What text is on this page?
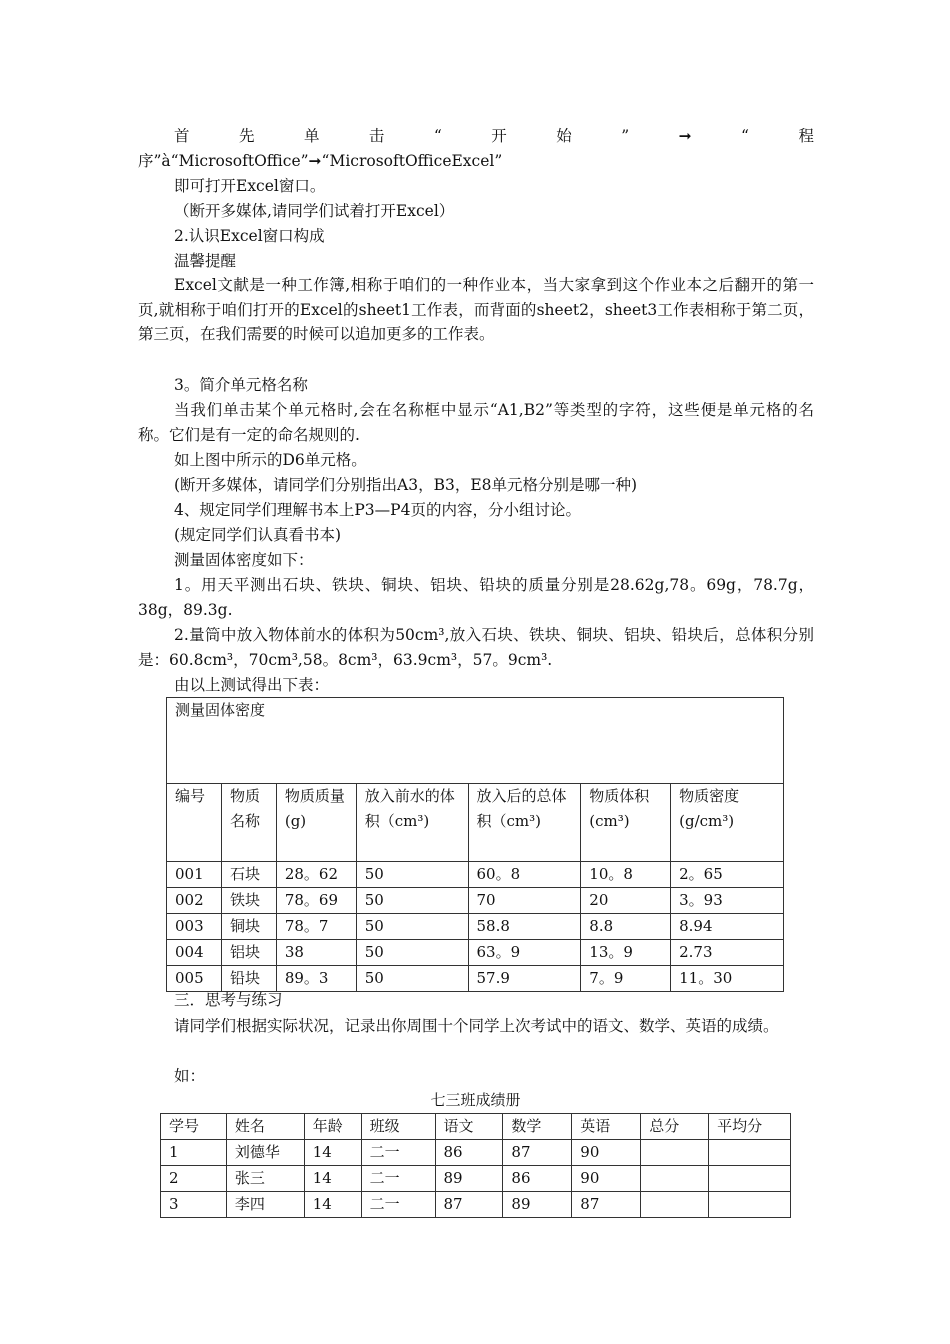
首	先	单	击	“	开	始	”	➞	“	程
序”à“MicrosoftOffice”➞“MicrosoftOfficeExcel”
即可打开Excel窗口。
（断开多媒体,请同学们试着打开Excel）
2.认识Excel窗口构成
温馨提醒
Excel文献是一种工作簿,相称于咱们的一种作业本，当大家拿到这个作业本之后翻开的第一页,就相称于咱们打开的Excel的sheet1工作表，而背面的sheet2，sheet3工作表相称于第二页，第三页，在我们需要的时候可以追加更多的工作表。
3。简介单元格名称
当我们单击某个单元格时,会在名称框中显示“A1,B2”等类型的字符，这些便是单元格的名称。它们是有一定的命名规则的.
如上图中所示的D6单元格。
(断开多媒体，请同学们分别指出A3，B3，E8单元格分别是哪一种)
4、规定同学们理解书本上P3—P4页的内容，分小组讨论。
(规定同学们认真看书本)
测量固体密度如下：
1。用天平测出石块、铁块、铜块、铝块、铅块的质量分别是28.62g,78。69g，78.7g，38g，89.3g.
2.量筒中放入物体前水的体积为50cm³,放入石块、铁块、铜块、铝块、铅块后，总体积分别是：60.8cm³，70cm³,58。8cm³，63.9cm³，57。9cm³.
由以上测试得出下表：
测量固体密度						
编号	物质名称	物质质量(g)	放入前水的体积（cm³)	放入后的总体积（cm³)	物质体积(cm³)	物质密度(g/cm³)
001	石块	28。62	50	60。8	10。8	2。65
002	铁块	78。69	50	70	20	3。93
003	铜块	78。7	50	58.8	8.8	8.94
004	铝块	38	50	63。9	13。9	2.73
005	铅块	89。3	50	57.9	7。9	11。30
三．思考与练习
请同学们根据实际状况，记录出你周围十个同学上次考试中的语文、数学、英语的成绩。
如：
七三班成绩册
学号	姓名	年龄	班级	语文	数学	英语	总分	平均分
1	刘德华	14	二一	86	87	90		
2	张三	14	二一	89	86	90		
3	李四	14	二一	87	89	87		
